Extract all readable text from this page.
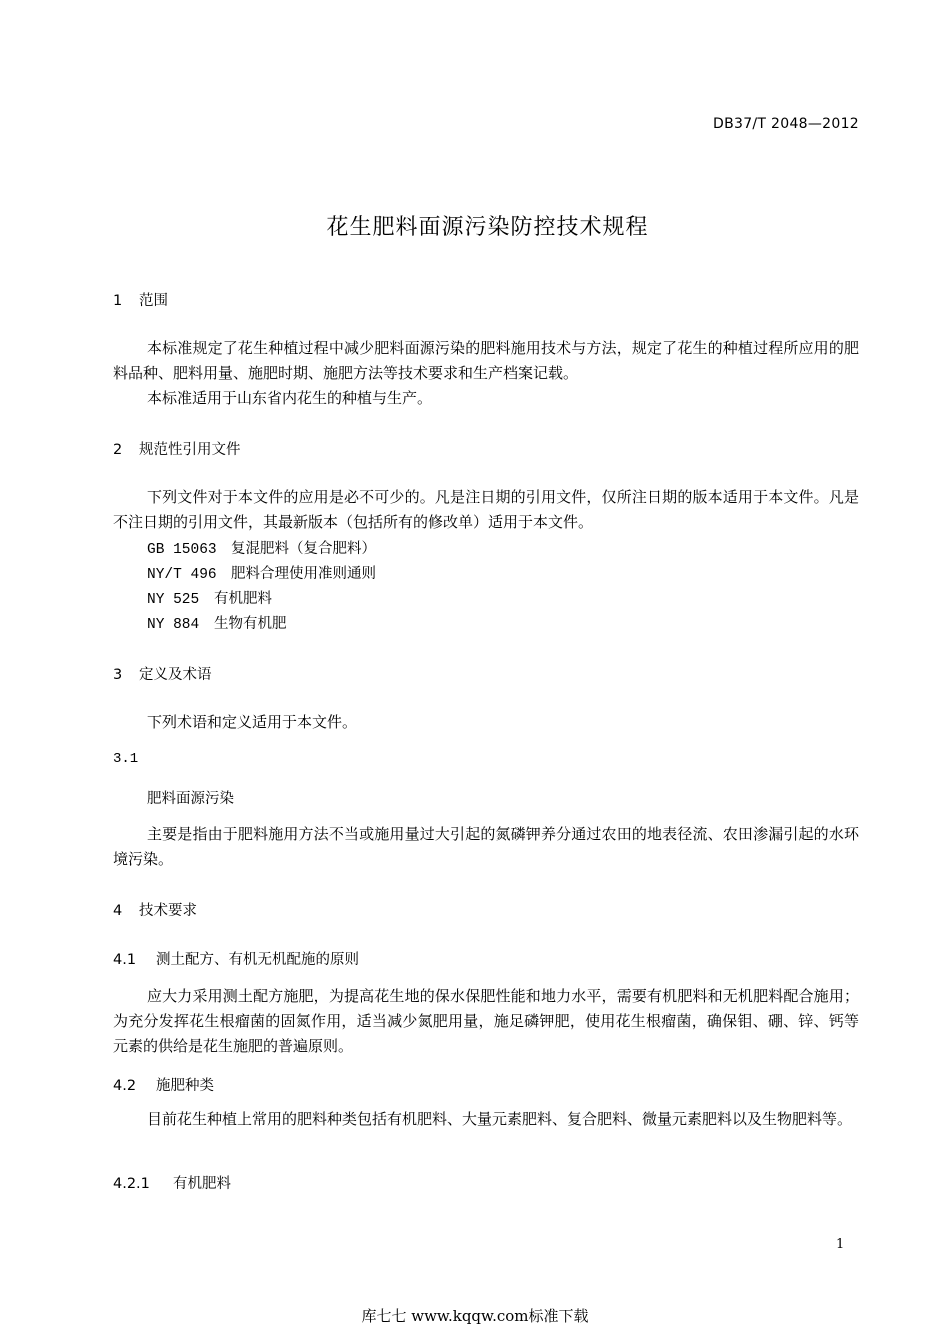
DB37/T 2048—2012
花生肥料面源污染防控技术规程
1 范围

本标准规定了花生种植过程中减少肥料面源污染的肥料施用技术与方法，规定了花生的种植过程所应用的肥料品种、肥料用量、施肥时期、施肥方法等技术要求和生产档案记载。

本标准适用于山东省内花生的种植与生产。

2 规范性引用文件

下列文件对于本文件的应用是必不可少的。凡是注日期的引用文件，仅所注日期的版本适用于本文件。凡是不注日期的引用文件，其最新版本（包括所有的修改单）适用于本文件。

GB 15063 复混肥料（复合肥料）
NY/T 496 肥料合理使用准则通则
NY 525 有机肥料
NY 884 生物有机肥
3 定义及术语

下列术语和定义适用于本文件。

3.1
肥料面源污染

主要是指由于肥料施用方法不当或施用量过大引起的氮磷钾养分通过农田的地表径流、农田渗漏引起的水环境污染。

4 技术要求
4.1 测土配方、有机无机配施的原则

应大力采用测土配方施肥，为提高花生地的保水保肥性能和地力水平，需要有机肥料和无机肥料配合施用；为充分发挥花生根瘤菌的固氮作用，适当减少氮肥用量，施足磷钾肥，使用花生根瘤菌，确保钼、硼、锌、钙等元素的供给是花生施肥的普遍原则。

4.2 施肥种类

目前花生种植上常用的肥料种类包括有机肥料、大量元素肥料、复合肥料、微量元素肥料以及生物肥料等。

4.2.1 有机肥料
1
库七七 www.kqqw.com标准下载
